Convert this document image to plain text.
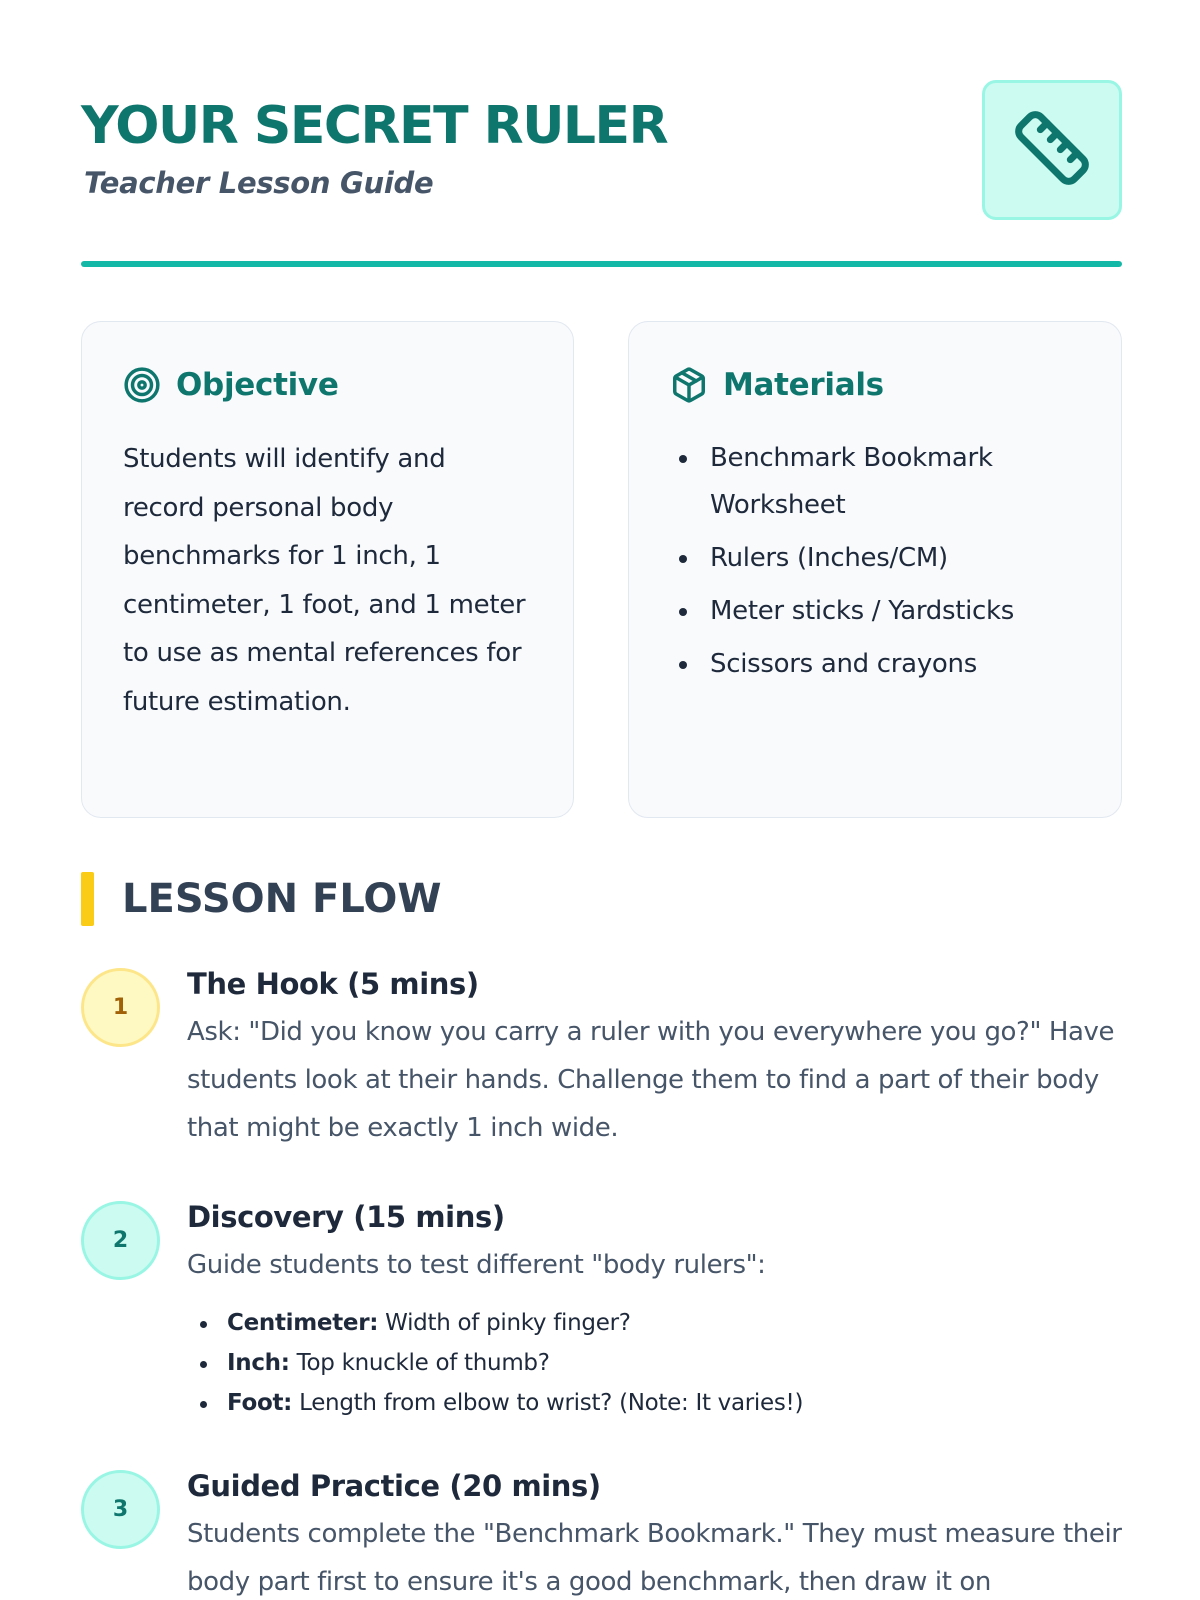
YOUR SECRET RULER
Teacher Lesson Guide
Objective

Students will identify and record personal body benchmarks for 1 inch, 1 centimeter, 1 foot, and 1 meter to use as mental references for future estimation.

Materials
Benchmark Bookmark Worksheet
Rulers (Inches/CM)
Meter sticks / Yardsticks
Scissors and crayons
LESSON FLOW
1
The Hook (5 mins)

Ask: "Did you know you carry a ruler with you everywhere you go?" Have students look at their hands. Challenge them to find a part of their body that might be exactly 1 inch wide.

2
Discovery (15 mins)

Guide students to test different "body rulers":

Centimeter: Width of pinky finger?
Inch: Top knuckle of thumb?
Foot: Length from elbow to wrist? (Note: It varies!)
3
Guided Practice (20 mins)

Students complete the "Benchmark Bookmark." They must measure their body part first to ensure it's a good benchmark, then draw it on
